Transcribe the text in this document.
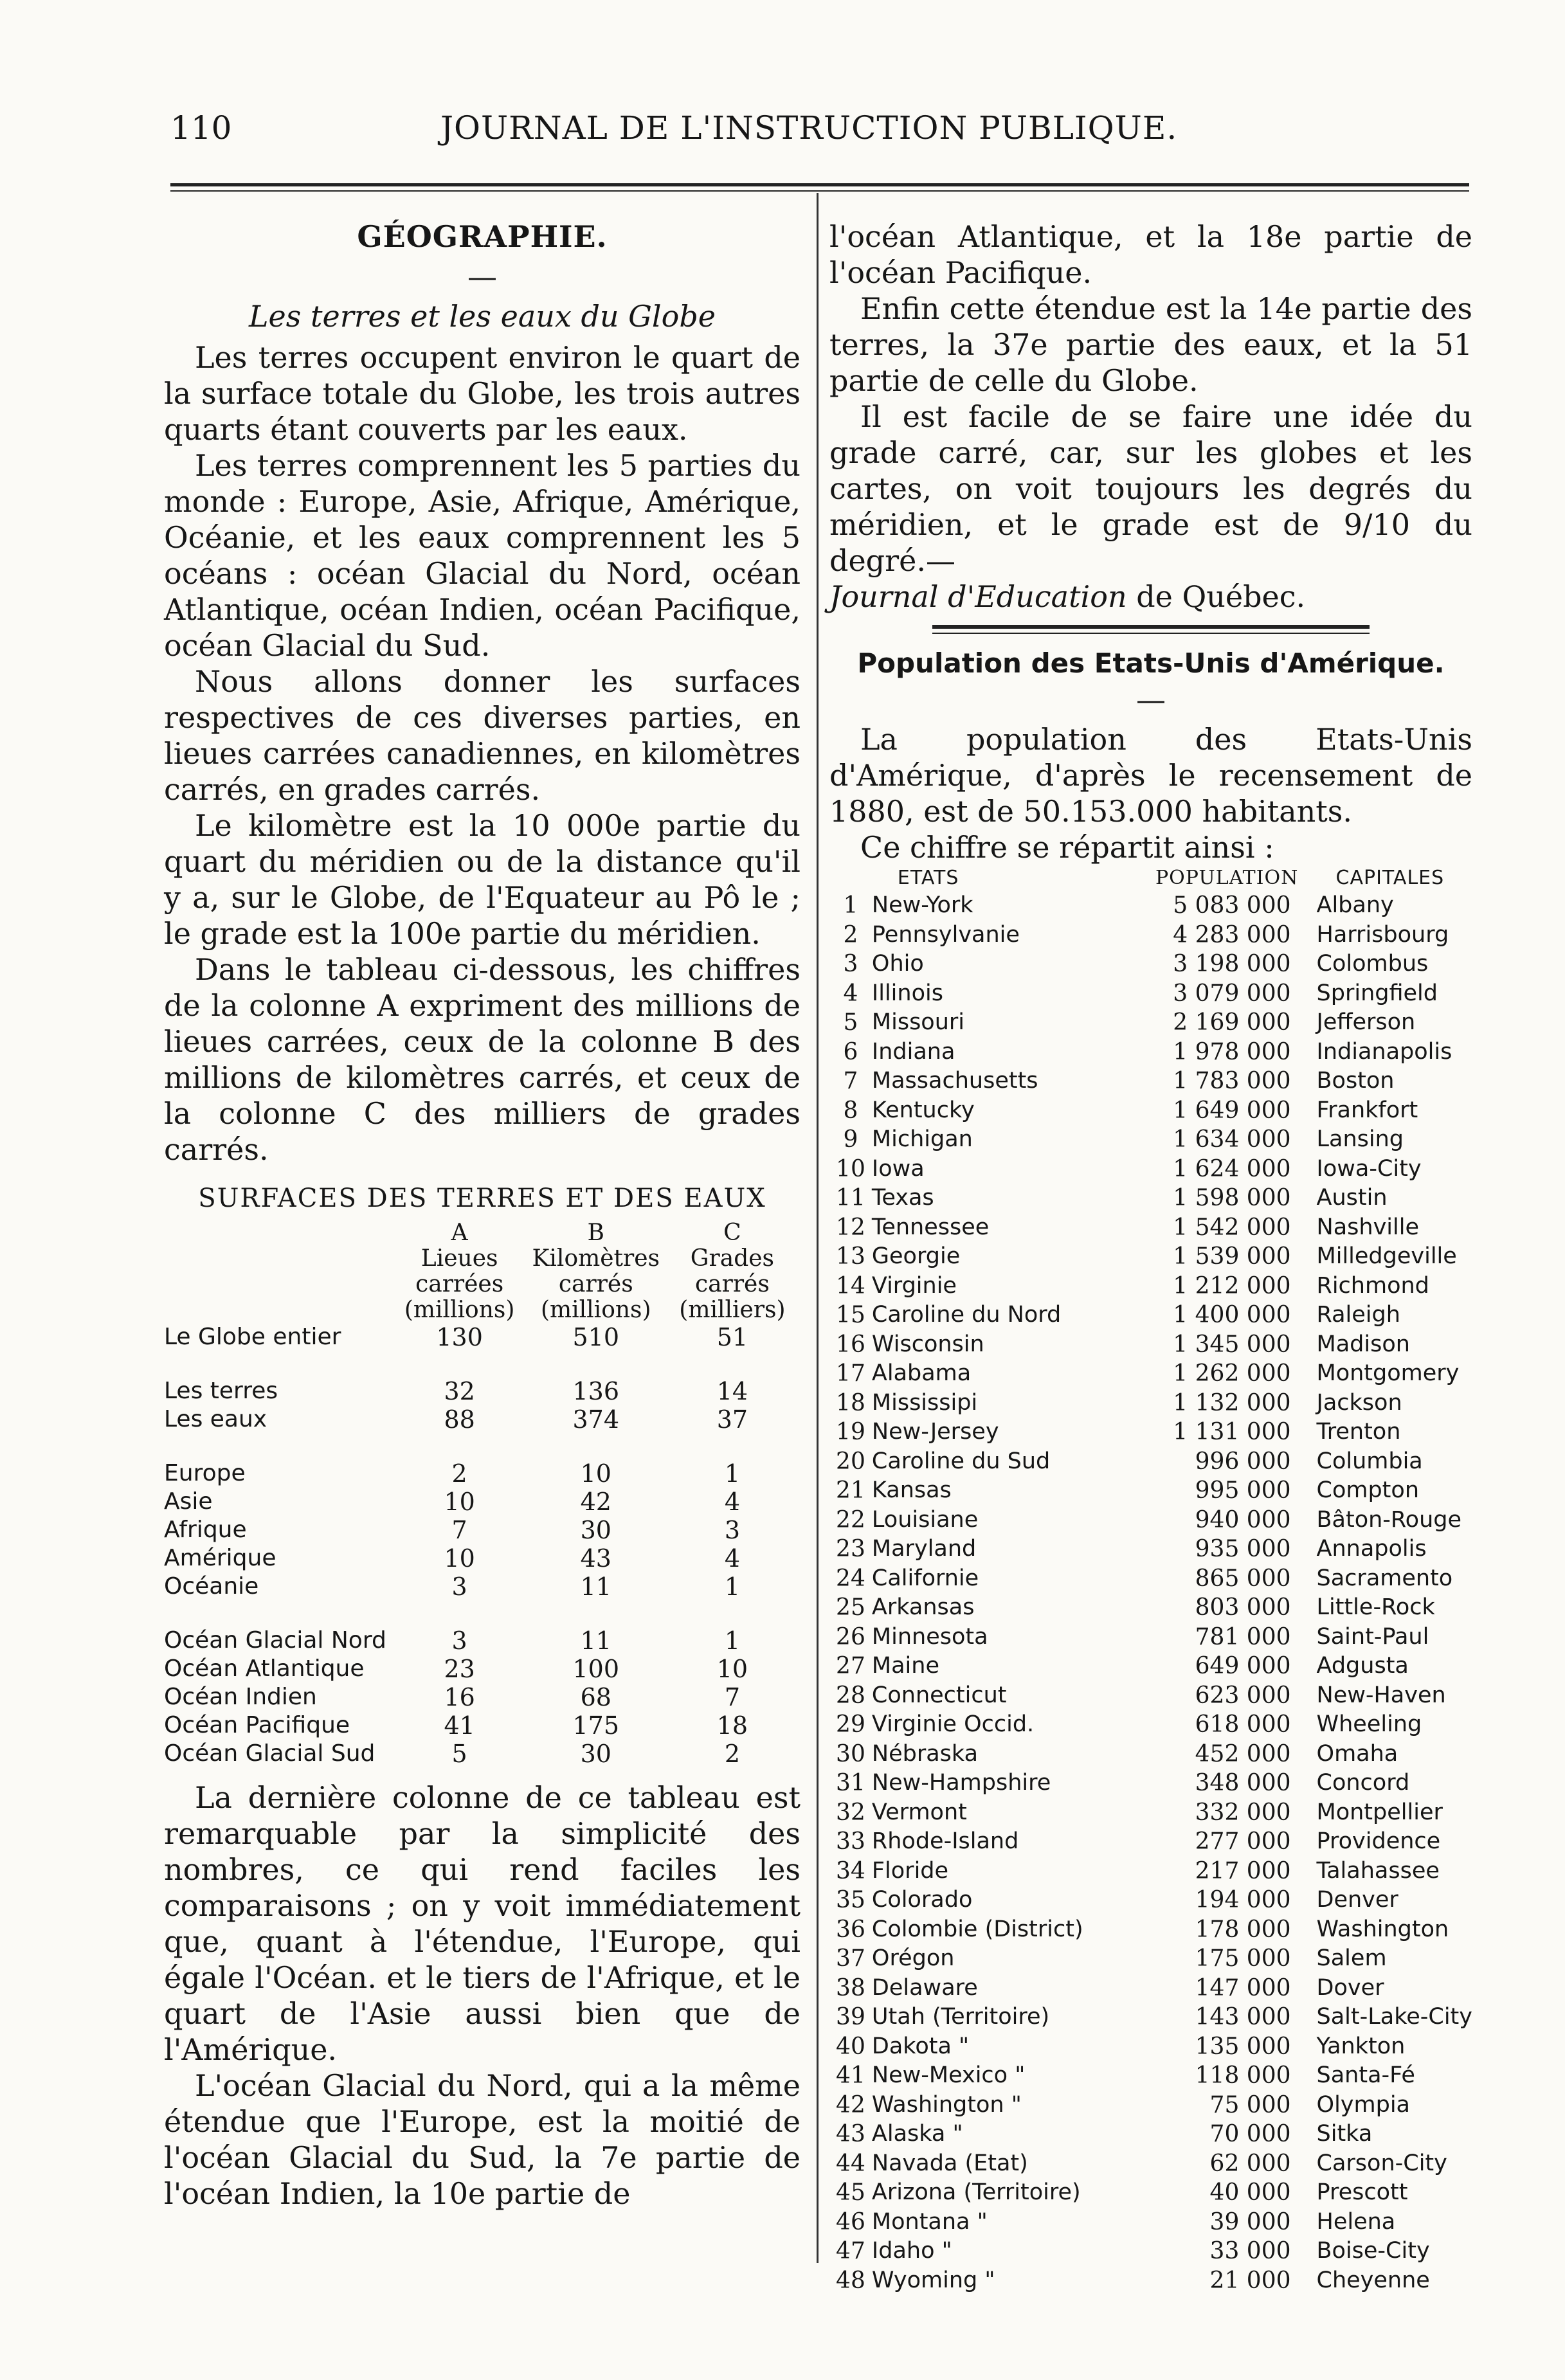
110	JOURNAL DE L'INSTRUCTION PUBLIQUE.
GÉOGRAPHIE.
—
Les terres et les eaux du Globe

Les terres occupent environ le quart de la surface totale du Globe, les trois autres quarts étant couverts par les eaux.

Les terres comprennent les 5 parties du monde : Europe, Asie, Afrique, Amérique, Océanie, et les eaux comprennent les 5 océans : océan Glacial du Nord, océan Atlantique, océan Indien, océan Pacifique, océan Glacial du Sud.

Nous allons donner les surfaces respectives de ces diverses parties, en lieues carrées canadiennes, en kilomètres carrés, en grades carrés.

Le kilomètre est la 10 000e partie du quart du méridien ou de la distance qu'il y a, sur le Globe, de l'Equateur au Pô le ; le grade est la 100e partie du méridien.

Dans le tableau ci-dessous, les chiffres de la colonne A expriment des millions de lieues carrées, ceux de la colonne B des millions de kilomètres carrés, et ceux de la colonne C des milliers de grades carrés.

SURFACES DES TERRES ET DES EAUX
	A	B	C
	Lieues	Kilomètres	Grades
	carrées	carrés	carrés
	(millions)	(millions)	(milliers)
Le Globe entier	130	510	51

Les terres	32	136	14
Les eaux	88	374	37

Europe	2	10	1
Asie	10	42	4
Afrique	7	30	3
Amérique	10	43	4
Océanie	3	11	1

Océan Glacial Nord	3	11	1
Océan Atlantique	23	100	10
Océan Indien	16	68	7
Océan Pacifique	41	175	18
Océan Glacial Sud	5	30	2

La dernière colonne de ce tableau est remarquable par la simplicité des nombres, ce qui rend faciles les comparaisons ; on y voit immédiatement que, quant à l'étendue, l'Europe, qui égale l'Océan. et le tiers de l'Afrique, et le quart de l'Asie aussi bien que de l'Amérique.

L'océan Glacial du Nord, qui a la même étendue que l'Europe, est la moitié de l'océan Glacial du Sud, la 7e partie de l'océan Indien, la 10e partie de

l'océan Atlantique, et la 18e partie de l'océan Pacifique.

Enfin cette étendue est la 14e partie des terres, la 37e partie des eaux, et la 51 partie de celle du Globe.

Il est facile de se faire une idée du grade carré, car, sur les globes et les cartes, on voit toujours les degrés du méridien, et le grade est de 9/10 du degré.—
Journal d'Education de Québec.

Population des Etats-Unis d'Amérique.
—

La population des Etats-Unis d'Amérique, d'après le recensement de 1880, est de 50.153.000 habitants.

Ce chiffre se répartit ainsi :

	ETATS	POPULATION	CAPITALES
1	New-York	5 083 000	Albany
2	Pennsylvanie	4 283 000	Harrisbourg
3	Ohio	3 198 000	Colombus
4	Illinois	3 079 000	Springfield
5	Missouri	2 169 000	Jefferson
6	Indiana	1 978 000	Indianapolis
7	Massachusetts	1 783 000	Boston
8	Kentucky	1 649 000	Frankfort
9	Michigan	1 634 000	Lansing
10	Iowa	1 624 000	Iowa-City
11	Texas	1 598 000	Austin
12	Tennessee	1 542 000	Nashville
13	Georgie	1 539 000	Milledgeville
14	Virginie	1 212 000	Richmond
15	Caroline du Nord	1 400 000	Raleigh
16	Wisconsin	1 345 000	Madison
17	Alabama	1 262 000	Montgomery
18	Mississipi	1 132 000	Jackson
19	New-Jersey	1 131 000	Trenton
20	Caroline du Sud	996 000	Columbia
21	Kansas	995 000	Compton
22	Louisiane	940 000	Bâton-Rouge
23	Maryland	935 000	Annapolis
24	Californie	865 000	Sacramento
25	Arkansas	803 000	Little-Rock
26	Minnesota	781 000	Saint-Paul
27	Maine	649 000	Adgusta
28	Connecticut	623 000	New-Haven
29	Virginie Occid.	618 000	Wheeling
30	Nébraska	452 000	Omaha
31	New-Hampshire	348 000	Concord
32	Vermont	332 000	Montpellier
33	Rhode-Island	277 000	Providence
34	Floride	217 000	Talahassee
35	Colorado	194 000	Denver
36	Colombie (District)	178 000	Washington
37	Orégon	175 000	Salem
38	Delaware	147 000	Dover
39	Utah (Territoire)	143 000	Salt-Lake-City
40	Dakota "	135 000	Yankton
41	New-Mexico "	118 000	Santa-Fé
42	Washington "	75 000	Olympia
43	Alaska "	70 000	Sitka
44	Navada (Etat)	62 000	Carson-City
45	Arizona (Territoire)	40 000	Prescott
46	Montana "	39 000	Helena
47	Idaho "	33 000	Boise-City
48	Wyoming "	21 000	Cheyenne
